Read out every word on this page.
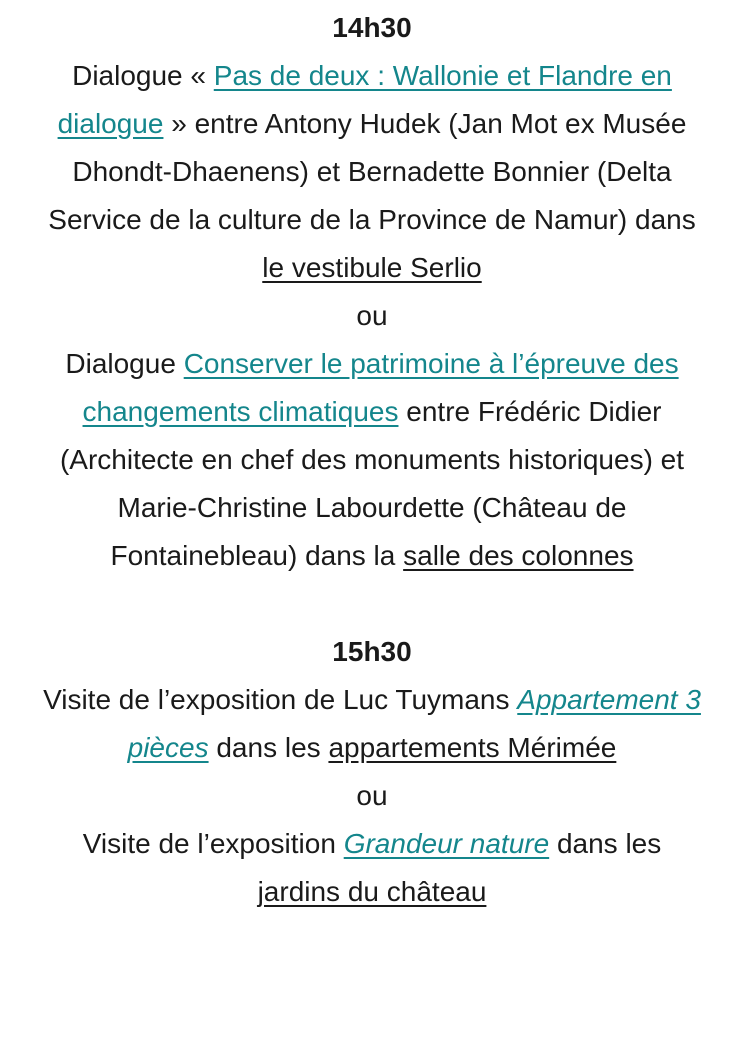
14h30

Dialogue « Pas de deux : Wallonie et Flandre en dialogue » entre Antony Hudek (Jan Mot ex Musée Dhondt-Dhaenens) et Bernadette Bonnier (Delta Service de la culture de la Province de Namur) dans
le vestibule Serlio

ou

Dialogue Conserver le patrimoine à l’épreuve des changements climatiques entre Frédéric Didier (Architecte en chef des monuments historiques) et Marie-Christine Labourdette (Château de Fontainebleau) dans la salle des colonnes

15h30

Visite de l’exposition de Luc Tuymans Appartement 3 pièces dans les appartements Mérimée

ou

Visite de l’exposition Grandeur nature dans les
jardins du château
